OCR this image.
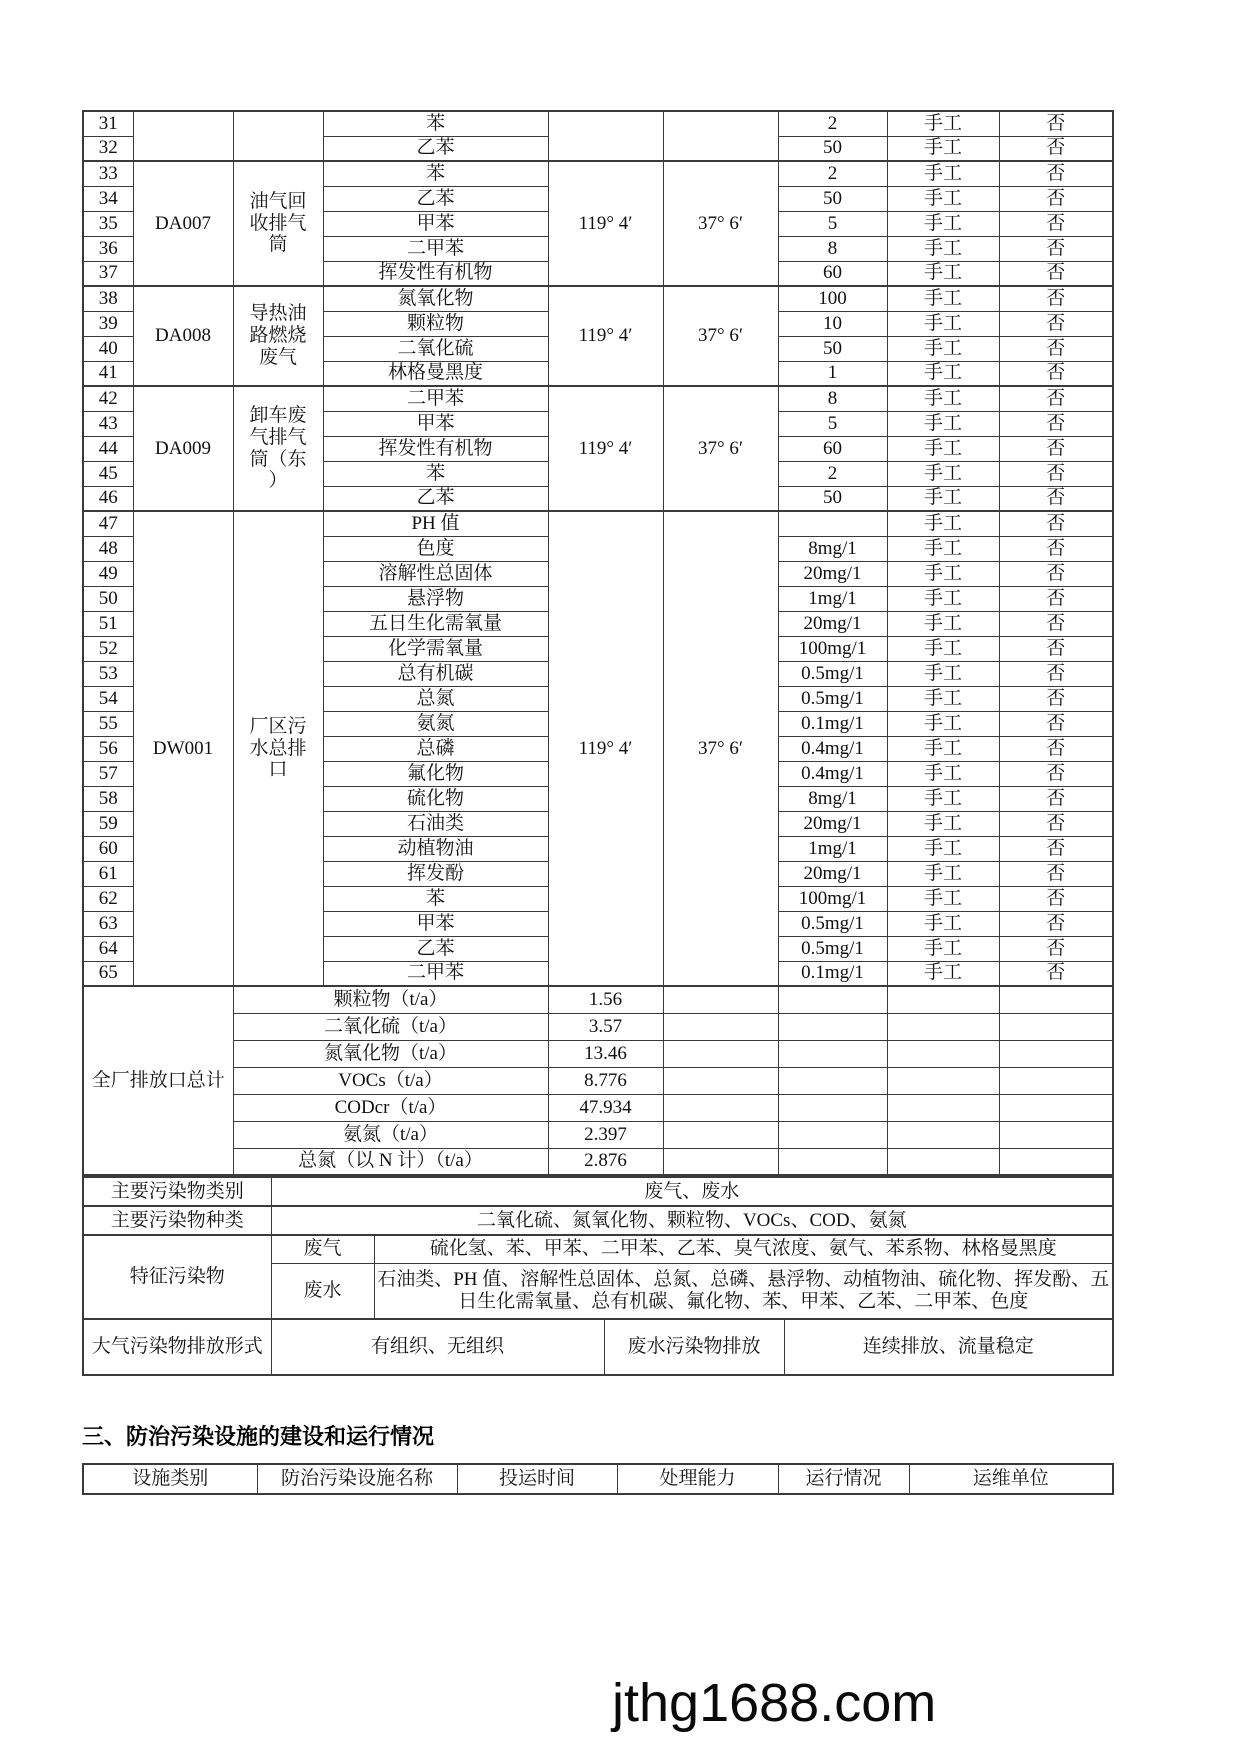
31			苯			2	手工	否
32			乙苯			50	手工	否
33	DA007	油气回收排气筒	苯	119° 4′	37° 6′	2	手工	否
34			乙苯			50	手工	否
35			甲苯			5	手工	否
36			二甲苯			8	手工	否
37			挥发性有机物			60	手工	否
38	DA008	导热油路燃烧废气	氮氧化物	119° 4′	37° 6′	100	手工	否
39			颗粒物			10	手工	否
40			二氧化硫			50	手工	否
41			林格曼黑度			1	手工	否
42	DA009	卸车废气排气筒（东 ）	二甲苯	119° 4′	37° 6′	8	手工	否
43			甲苯			5	手工	否
44			挥发性有机物			60	手工	否
45			苯			2	手工	否
46			乙苯			50	手工	否
47	DW001	厂区污水总排口	PH 值	119° 4′	37° 6′		手工	否
48			色度			8mg/1	手工	否
49			溶解性总固体			20mg/1	手工	否
50			悬浮物			1mg/1	手工	否
51			五日生化需氧量			20mg/1	手工	否
52			化学需氧量			100mg/1	手工	否
53			总有机碳			0.5mg/1	手工	否
54			总氮			0.5mg/1	手工	否
55			氨氮			0.1mg/1	手工	否
56			总磷			0.4mg/1	手工	否
57			氟化物			0.4mg/1	手工	否
58			硫化物			8mg/1	手工	否
59			石油类			20mg/1	手工	否
60			动植物油			1mg/1	手工	否
61			挥发酚			20mg/1	手工	否
62			苯			100mg/1	手工	否
63			甲苯			0.5mg/1	手工	否
64			乙苯			0.5mg/1	手工	否
65			二甲苯			0.1mg/1	手工	否
全厂排放口总计		颗粒物（t/a）		1.56				
		二氧化硫（t/a）		3.57				
		氮氧化物（t/a）		13.46				
		VOCs（t/a）		8.776				
		CODcr（t/a）		47.934				
		氨氮（t/a）		2.397				
		总氮（以 N 计）（t/a）		2.876				
主要污染物类别	废气、废水			
主要污染物种类	二氧化硫、氮氧化物、颗粒物、VOCs、COD、氨氮			
特征污染物	废气	硫化氢、苯、甲苯、二甲苯、乙苯、臭气浓度、氨气、苯系物、林格曼黑度		
	废水	石油类、PH 值、溶解性总固体、总氮、总磷、悬浮物、动植物油、硫化物、挥发酚、五日生化需氧量、总有机碳、氟化物、苯、甲苯、乙苯、二甲苯、色度		
大气污染物排放形式	有组织、无组织		废水污染物排放	连续排放、流量稳定
三、防治污染设施的建设和运行情况
设施类别	防治污染设施名称	投运时间	处理能力	运行情况	运维单位
jthg1688.com
